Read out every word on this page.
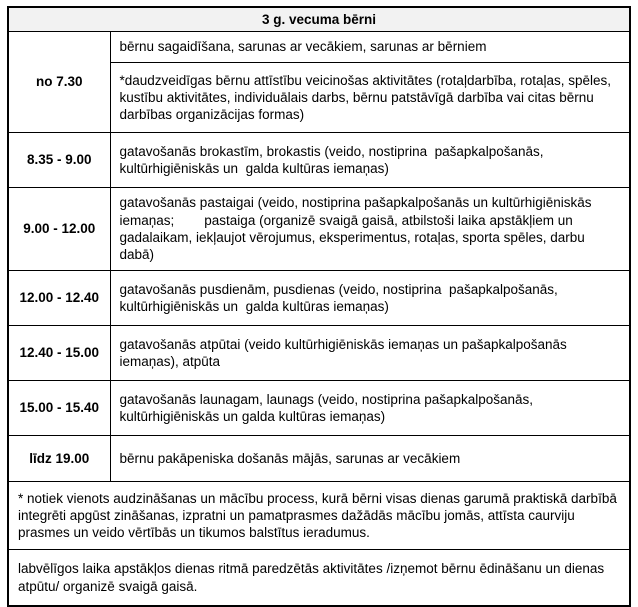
3 g. vecuma bērni	
no 7.30	bērnu sagaidīšana, sarunas ar vecākiem, sarunas ar bērniem
	*daudzveidīgas bērnu attīstību veicinošas aktivitātes (rotaļdarbība, rotaļas, spēles, kustību aktivitātes, individuālais darbs, bērnu patstāvīgā darbība vai citas bērnu darbības organizācijas formas)
8.35 - 9.00	gatavošanās brokastīm, brokastis (veido, nostiprina  pašapkalpošanās, kultūrhigiēniskās un  galda kultūras iemaņas)
9.00 - 12.00	gatavošanās pastaigai (veido, nostiprina pašapkalpošanās un kultūrhigiēniskās iemaņas;        pastaiga (organizē svaigā gaisā, atbilstoši laika apstākļiem un gadalaikam, iekļaujot vērojumus, eksperimentus, rotaļas, sporta spēles, darbu dabā)
12.00 - 12.40	gatavošanās pusdienām, pusdienas (veido, nostiprina  pašapkalpošanās, kultūrhigiēniskās un  galda kultūras iemaņas)
12.40 - 15.00	gatavošanās atpūtai (veido kultūrhigiēniskās iemaņas un pašapkalpošanās iemaņas), atpūta
15.00 - 15.40	gatavošanās launagam, launags (veido, nostiprina pašapkalpošanās, kultūrhigiēniskās un galda kultūras iemaņas)
līdz 19.00	bērnu pakāpeniska došanās mājās, sarunas ar vecākiem
* notiek vienots audzināšanas un mācību process, kurā bērni visas dienas garumā praktiskā darbībā integrēti apgūst zināšanas, izpratni un pamatprasmes dažādās mācību jomās, attīsta caurviju prasmes un veido vērtībās un tikumos balstītus ieradumus.	
labvēlīgos laika apstākļos dienas ritmā paredzētās aktivitātes /izņemot bērnu ēdināšanu un dienas atpūtu/ organizē svaigā gaisā.	
